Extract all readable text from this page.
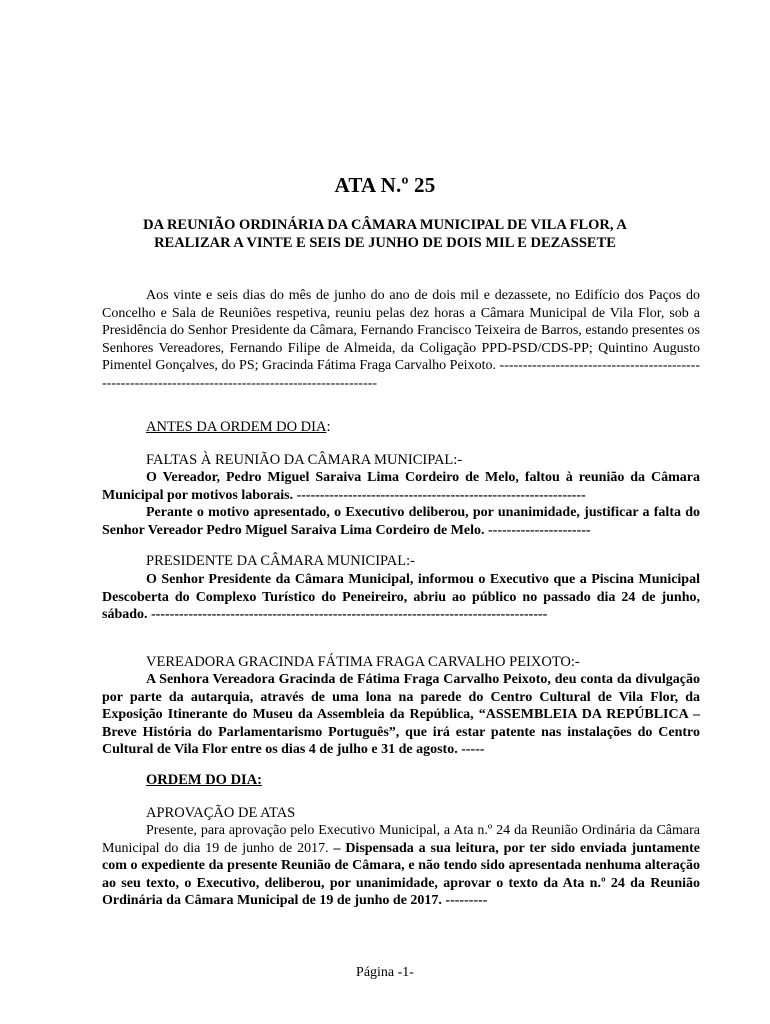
ATA N.º 25
DA REUNIÃO ORDINÁRIA DA CÂMARA MUNICIPAL DE VILA FLOR, A
REALIZAR A VINTE E SEIS DE JUNHO DE DOIS MIL E DEZASSETE

Aos vinte e seis dias do mês de junho do ano de dois mil e dezassete, no Edifício dos Paços do Concelho e Sala de Reuniões respetiva, reuniu pelas dez horas a Câmara Municipal de Vila Flor, sob a Presidência do Senhor Presidente da Câmara, Fernando Francisco Teixeira de Barros, estando presentes os Senhores Vereadores, Fernando Filipe de Almeida, da Coligação PPD-PSD/CDS-PP; Quintino Augusto Pimentel Gonçalves, do PS; Gracinda Fátima Fraga Carvalho Peixoto. ------------------------------------------------------------------------------------------------------

ANTES DA ORDEM DO DIA:
FALTAS À REUNIÃO DA CÂMARA MUNICIPAL:-

O Vereador, Pedro Miguel Saraiva Lima Cordeiro de Melo, faltou à reunião da Câmara Municipal por motivos laborais. --------------------------------------------------------------

Perante o motivo apresentado, o Executivo deliberou, por unanimidade, justificar a falta do Senhor Vereador Pedro Miguel Saraiva Lima Cordeiro de Melo. ----------------------

PRESIDENTE DA CÂMARA MUNICIPAL:-

O Senhor Presidente da Câmara Municipal, informou o Executivo que a Piscina Municipal Descoberta do Complexo Turístico do Peneireiro, abriu ao público no passado dia 24 de junho, sábado. -------------------------------------------------------------------------------------

VEREADORA GRACINDA FÁTIMA FRAGA CARVALHO PEIXOTO:-

A Senhora Vereadora Gracinda de Fátima Fraga Carvalho Peixoto, deu conta da divulgação por parte da autarquia, através de uma lona na parede do Centro Cultural de Vila Flor, da Exposição Itinerante do Museu da Assembleia da República, “ASSEMBLEIA DA REPÚBLICA – Breve História do Parlamentarismo Português”, que irá estar patente nas instalações do Centro Cultural de Vila Flor entre os dias 4 de julho e 31 de agosto. -----

ORDEM DO DIA:
APROVAÇÃO DE ATAS

Presente, para aprovação pelo Executivo Municipal, a Ata n.º 24 da Reunião Ordinária da Câmara Municipal do dia 19 de junho de 2017. – Dispensada a sua leitura, por ter sido enviada juntamente com o expediente da presente Reunião de Câmara, e não tendo sido apresentada nenhuma alteração ao seu texto, o Executivo, deliberou, por unanimidade, aprovar o texto da Ata n.º 24 da Reunião Ordinária da Câmara Municipal de 19 de junho de 2017. ---------

Página -1-
